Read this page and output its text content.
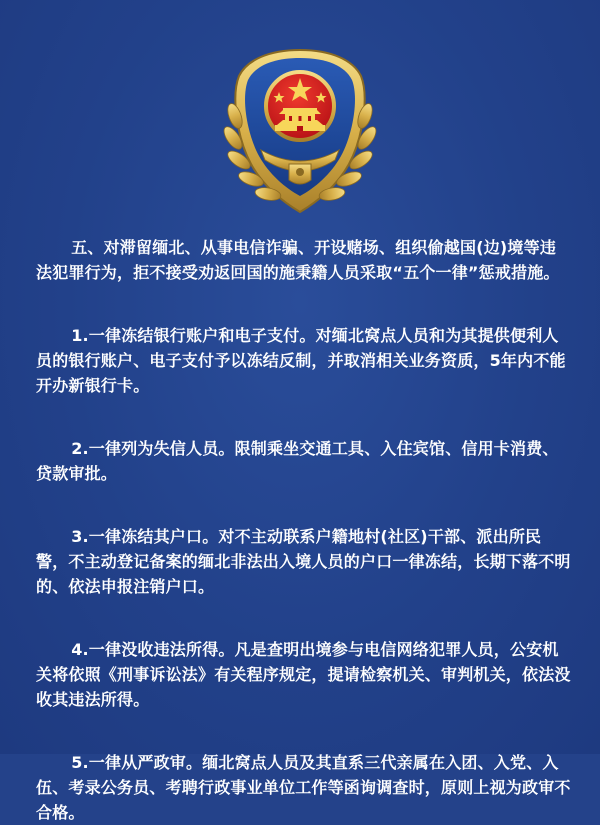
五、对滞留缅北、从事电信诈骗、开设赌场、组织偷越国(边)境等违法犯罪行为，拒不接受劝返回国的施秉籍人员采取“五个一律”惩戒措施。

1.一律冻结银行账户和电子支付。对缅北窝点人员和为其提供便利人员的银行账户、电子支付予以冻结反制，并取消相关业务资质，5年内不能开办新银行卡。

2.一律列为失信人员。限制乘坐交通工具、入住宾馆、信用卡消费、贷款审批。

3.一律冻结其户口。对不主动联系户籍地村(社区)干部、派出所民警，不主动登记备案的缅北非法出入境人员的户口一律冻结，长期下落不明的、依法申报注销户口。

4.一律没收违法所得。凡是查明出境参与电信网络犯罪人员，公安机关将依照《刑事诉讼法》有关程序规定，提请检察机关、审判机关，依法没收其违法所得。

5.一律从严政审。缅北窝点人员及其直系三代亲属在入团、入党、入伍、考录公务员、考聘行政事业单位工作等函询调查时，原则上视为政审不合格。
